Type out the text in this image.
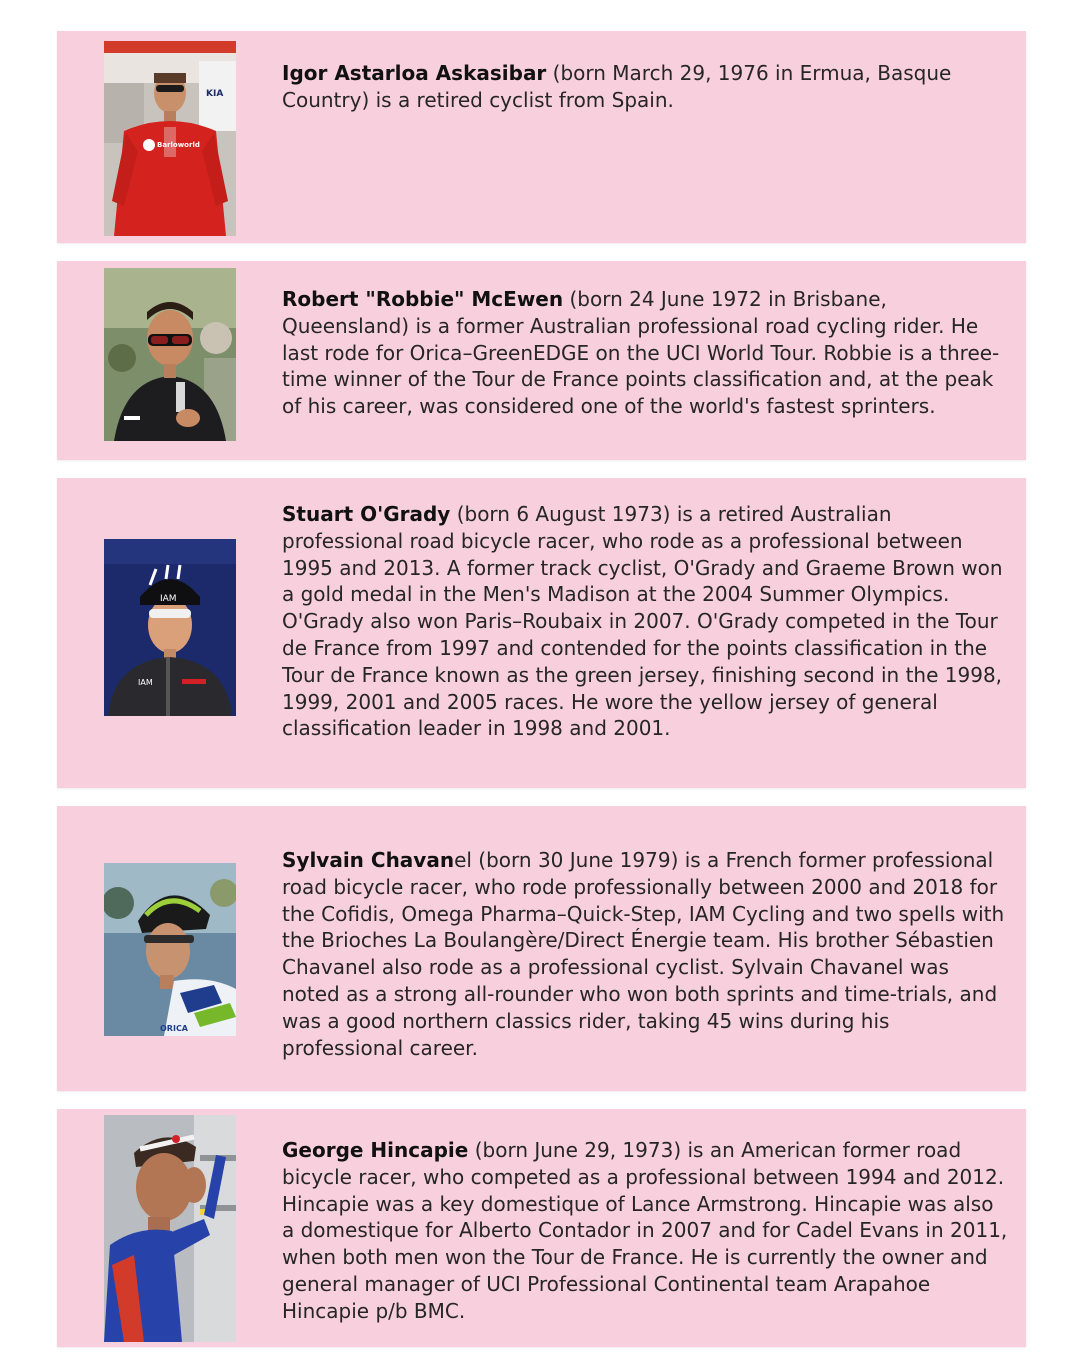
KIA
Barloworld

Igor Astarloa Askasibar (born March 29, 1976 in Ermua, Basque Country) is a retired cyclist from Spain.

Robert "Robbie" McEwen (born 24 June 1972 in Brisbane, Queensland) is a former Australian professional road cycling rider. He last rode for Orica–GreenEDGE on the UCI World Tour. Robbie is a three-time winner of the Tour de France points classification and, at the peak of his career, was considered one of the world's fastest sprinters.

IAM
IAM

Stuart O'Grady (born 6 August 1973) is a retired Australian professional road bicycle racer, who rode as a professional between 1995 and 2013. A former track cyclist, O'Grady and Graeme Brown won a gold medal in the Men's Madison at the 2004 Summer Olympics. O'Grady also won Paris–Roubaix in 2007. O'Grady competed in the Tour de France from 1997 and contended for the points classification in the Tour de France known as the green jersey, finishing second in the 1998, 1999, 2001 and 2005 races. He wore the yellow jersey of general classification leader in 1998 and 2001.

ORICA

Sylvain Chavanel (born 30 June 1979) is a French former professional road bicycle racer, who rode professionally between 2000 and 2018 for the Cofidis, Omega Pharma–Quick-Step, IAM Cycling and two spells with the Brioches La Boulangère/Direct Énergie team. His brother Sébastien Chavanel also rode as a professional cyclist. Sylvain Chavanel was noted as a strong all-rounder who won both sprints and time-trials, and was a good northern classics rider, taking 45 wins during his professional career.

George Hincapie (born June 29, 1973) is an American former road bicycle racer, who competed as a professional between 1994 and 2012. Hincapie was a key domestique of Lance Armstrong. Hincapie was also a domestique for Alberto Contador in 2007 and for Cadel Evans in 2011, when both men won the Tour de France. He is currently the owner and general manager of UCI Professional Continental team Arapahoe Hincapie p/b BMC.
